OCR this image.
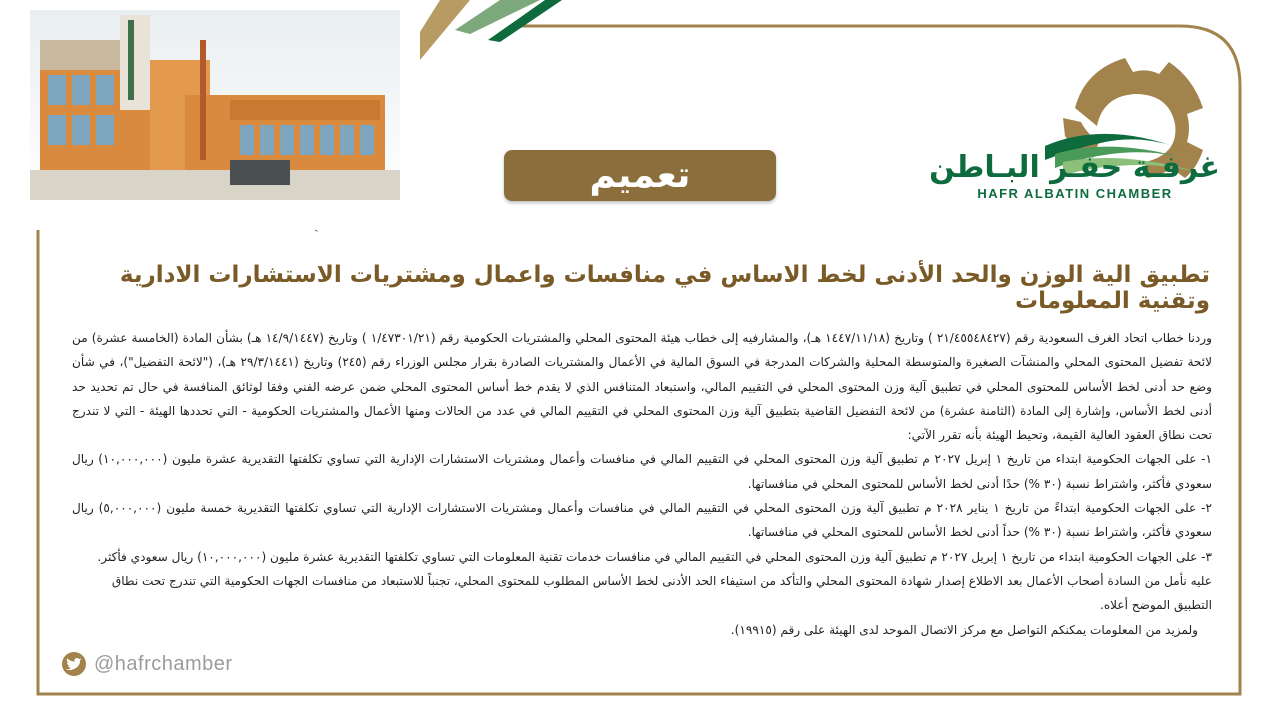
غرفـة حفـر البـاطن
HAFR ALBATIN CHAMBER
تعميم
تطبيق الية الوزن والحد الأدنى لخط الاساس في منافسات واعمال ومشتريات الاستشارات الادارية وتقنية المعلومات

وردنا خطاب اتحاد الغرف السعودية رقم (٢١/٤٥٥٤٨٤٢٧ ) وتاريخ (١٤٤٧/١١/١٨ هـ)، والمشارفيه إلى خطاب هيئة المحتوى المحلي والمشتريات الحكومية رقم (١/٤٧٣٠١/٢١ ) وتاريخ (١٤/٩/١٤٤٧ هـ) بشأن المادة (الخامسة عشرة) من لائحة تفضيل المحتوى المحلي والمنشآت الصغيرة والمتوسطة المحلية والشركات المدرجة في السوق المالية في الأعمال والمشتريات الصادرة بقرار مجلس الوزراء رقم (٢٤٥) وتاريخ (٢٩/٣/١٤٤١ هـ)، ("لائحة التفضيل")، في شأن وضع حد أدنى لخط الأساس للمحتوى المحلي في تطبيق آلية وزن المحتوى المحلي في التقييم المالي، واستبعاد المتنافس الذي لا يقدم خط أساس المحتوى المحلي ضمن عرضه الفني وفقا لوثائق المنافسة في حال تم تحديد حد أدنى لخط الأساس، وإشارة إلى المادة (الثامنة عشرة) من لائحة التفضيل القاضية بتطبيق آلية وزن المحتوى المحلي في التقييم المالي في عدد من الحالات ومنها الأعمال والمشتريات الحكومية - التي تحددها الهيئة - التي لا تندرج تحت نطاق العقود العالية القيمة، وتحيط الهيئة بأنه تقرر الآتي:

١- على الجهات الحكومية ابتداء من تاريخ ١ إبريل ٢٠٢٧ م تطبيق آلية وزن المحتوى المحلي في التقييم المالي في منافسات وأعمال ومشتريات الاستشارات الإدارية التي تساوي تكلفتها التقديرية عشرة مليون (١٠,٠٠٠,٠٠٠) ريال سعودي فأكثر، واشتراط نسبة (٣٠ %) حدًا أدنى لخط الأساس للمحتوى المحلي في منافساتها.

٢- على الجهات الحكومية ابتداءً من تاريخ ١ يناير ٢٠٢٨ م تطبيق آلية وزن المحتوى المحلي في التقييم المالي في منافسات وأعمال ومشتريات الاستشارات الإدارية التي تساوي تكلفتها التقديرية خمسة مليون (٥,٠٠٠,٠٠٠) ريال سعودي فأكثر، واشتراط نسبة (٣٠ %) حداً أدنى لخط الأساس للمحتوى المحلي في منافساتها.

٣- على الجهات الحكومية ابتداء من تاريخ ١ إبريل ٢٠٢٧ م تطبيق آلية وزن المحتوى المحلي في التقييم المالي في منافسات خدمات تقنية المعلومات التي تساوي تكلفتها التقديرية عشرة مليون (١٠,٠٠٠,٠٠٠) ريال سعودي فأكثر.

عليه نأمل من السادة أصحاب الأعمال بعد الاطلاع إصدار شهادة المحتوى المحلي والتأكد من استيفاء الحد الأدنى لخط الأساس المطلوب للمحتوى المحلي، تجنباً للاستبعاد من منافسات الجهات الحكومية التي تندرج تحت نطاق التطبيق الموضح أعلاه.

ولمزيد من المعلومات يمكنكم التواصل مع مركز الاتصال الموحد لدى الهيئة على رقم (١٩٩١٥).

@hafrchamber
